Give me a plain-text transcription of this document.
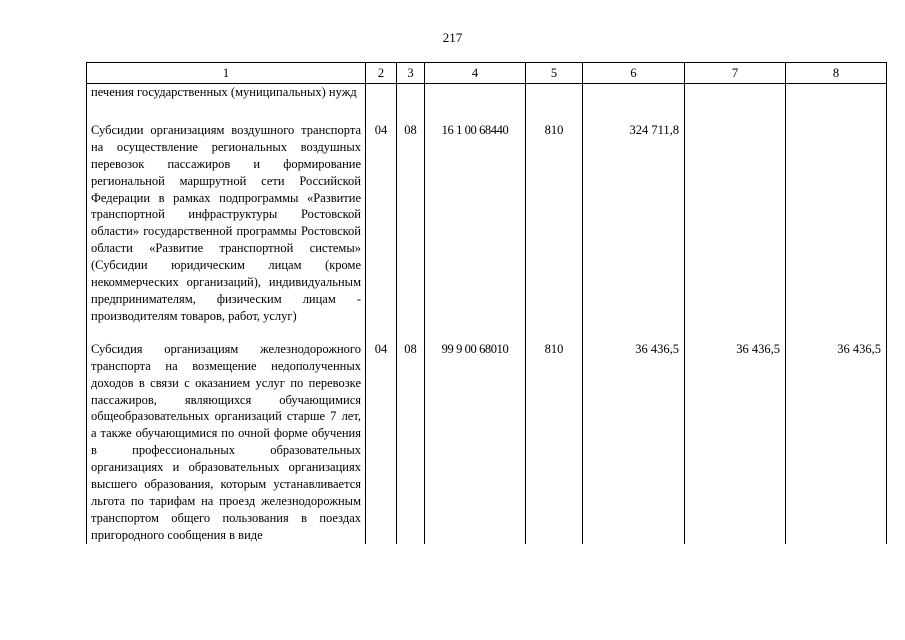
217
1	2	3	4	5	6	7	8
печения государственных (муниципальных) нужд							
Субсидии организациям воздушного транспорта на осуществление региональных воздушных перевозок пассажиров и формирование региональной маршрутной сети Российской Федерации в рамках подпрограммы «Развитие транспортной инфраструктуры Ростовской области» государственной программы Ростовской области «Развитие транспортной системы» (Субсидии юридическим лицам (кроме некоммерческих организаций), индивидуальным предпринимателям, физическим лицам - производителям товаров, работ, услуг)	04	08	16 1 00 68440	810	324 711,8		
Субсидия организациям железнодорожного транспорта на возмещение недополученных доходов в связи с оказанием услуг по перевозке пассажиров, являющихся обучающимися общеобразовательных организаций старше 7 лет, а также обучающимися по очной форме обучения в профессиональных образовательных организациях и образовательных организациях высшего образования, которым устанавливается льгота по тарифам на проезд железнодорожным транспортом общего пользования в поездах пригородного сообщения в виде	04	08	99 9 00 68010	810	36 436,5	36 436,5	36 436,5
